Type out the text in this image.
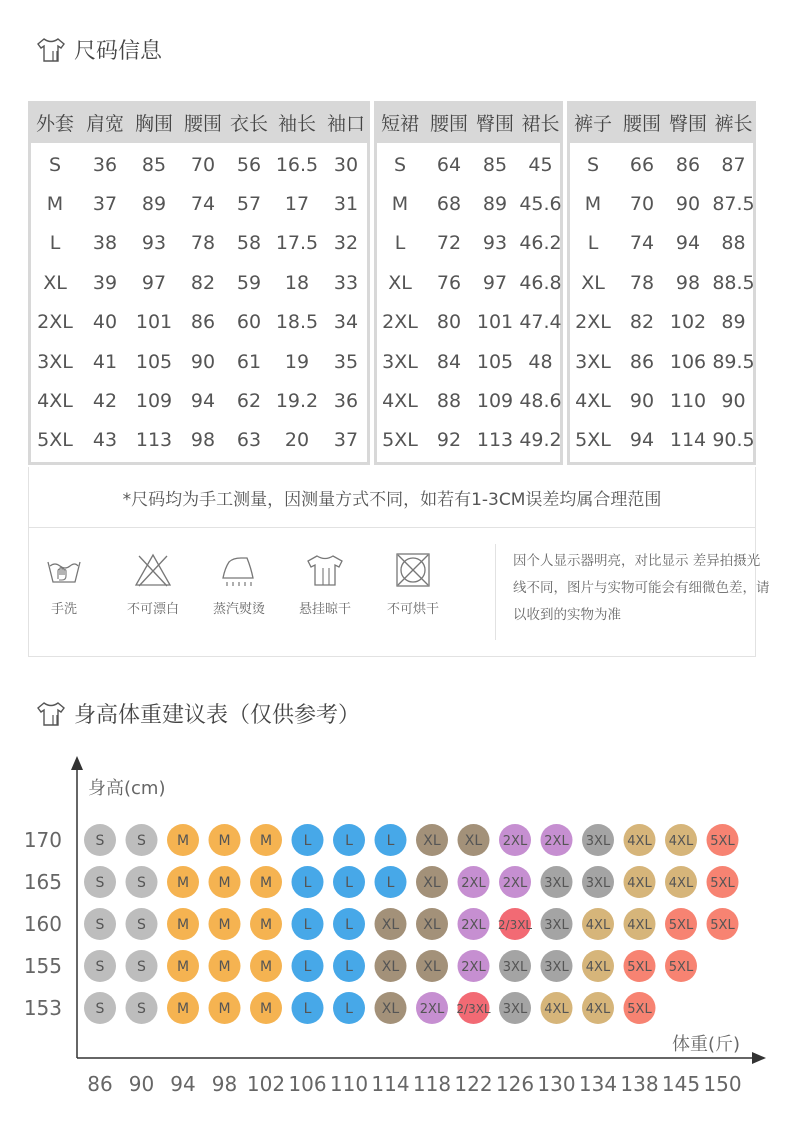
尺码信息
外套 肩宽 胸围 腰围 衣长 袖长 袖口
S	36	85	70	56 16.5 30
M	37	89	74	57	17	31
L	38	93	78	58 17.5 32
XL	39	97	82	59	18	33
2XL	40 101 86	60 18.5 34
3XL	41 105 90	61	19	35
4XL	42 109 94	62 19.2 36
5XL	43 113 98	63	20	37
短裙 腰围 臀围 裙长
S	64	85	45
M	68	89 45.6
L	72	93 46.2
XL	76	97 46.8
2XL	80 101 47.4
3XL	84 105 48
4XL	88 109 48.6
5XL	92 113 49.2
裤子 腰围 臀围 裤长
S	66	86	87
M	70	90 87.5
L	74	94	88
XL	78	98 88.5
2XL	82 102 89
3XL	86 106 89.5
4XL	90 110 90
5XL	94 114 90.5
*尺码均为手工测量，因测量方式不同，如若有1-3CM误差均属合理范围
手洗	不可漂白	蒸汽熨烫	悬挂晾干	不可烘干
因个人显示器明亮，对比显示 差异拍摄光线不同，图片与实物可能会有细微色差，请以收到的实物为准
身高体重建议表（仅供参考）
身高(cm)
体重(斤)
170
165
160
155
153
86 90 94 98 102 106 110 114 118 122 126 130 134 138 145 150
S S M M M L L L XL XL 2XL 2XL 3XL 4XL 4XL 5XL
S S M M M L L L XL 2XL 2XL 3XL 3XL 4XL 4XL 5XL
S S M M M L L XL XL 2XL 2/3XL 3XL 4XL 4XL 5XL 5XL
S S M M M L L XL XL 2XL 3XL 3XL 4XL 5XL 5XL
S S M M M L L XL 2XL 2/3XL 3XL 4XL 4XL 5XL
